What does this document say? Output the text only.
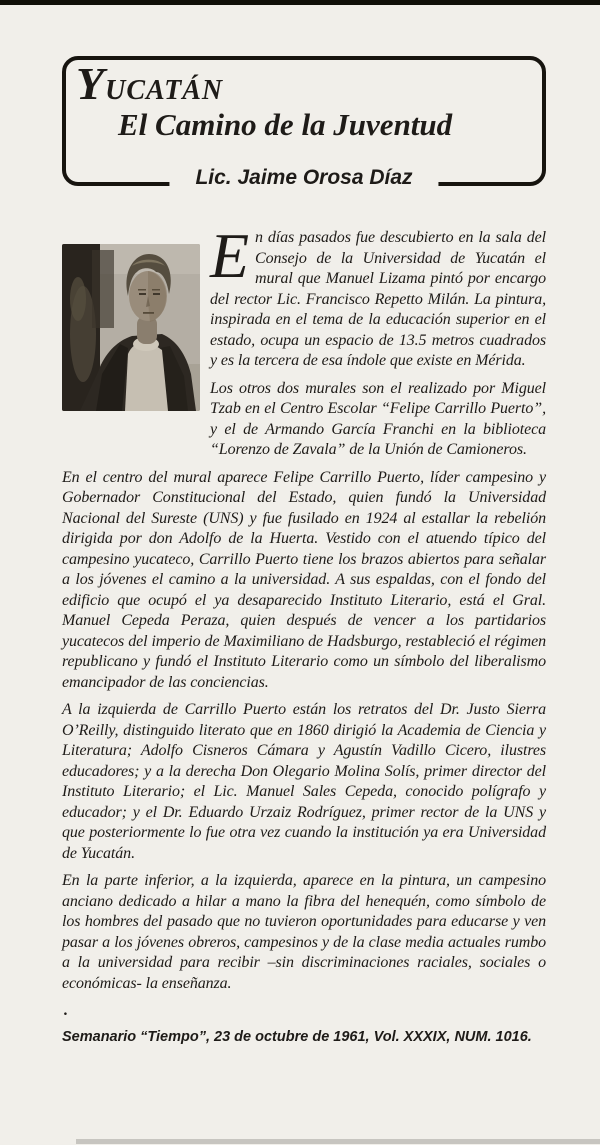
YUCATÁN
El Camino de la Juventud
Lic. Jaime Orosa Díaz

En días pasados fue descubierto en la sala del Consejo de la Universidad de Yucatán el mural que Manuel Lizama pintó por encargo del rector Lic. Francisco Repetto Milán. La pintura, inspirada en el tema de la educación superior en el estado, ocupa un espacio de 13.5 metros cuadrados y es la tercera de esa índole que existe en Mérida.

Los otros dos murales son el realizado por Miguel Tzab en el Centro Escolar “Felipe Carrillo Puerto”, y el de Armando García Franchi en la biblioteca “Lorenzo de Zavala” de la Unión de Camioneros.

En el centro del mural aparece Felipe Carrillo Puerto, líder campesino y Gobernador Constitucional del Estado, quien fundó la Universidad Nacional del Sureste (UNS) y fue fusilado en 1924 al estallar la rebelión dirigida por don Adolfo de la Huerta. Vestido con el atuendo típico del campesino yucateco, Carrillo Puerto tiene los brazos abiertos para señalar a los jóvenes el camino a la universidad. A sus espaldas, con el fondo del edificio que ocupó el ya desaparecido Instituto Literario, está el Gral. Manuel Cepeda Peraza, quien después de vencer a los partidarios yucatecos del imperio de Maximiliano de Hadsburgo, restableció el régimen republicano y fundó el Instituto Literario como un símbolo del liberalismo emancipador de las conciencias.

A la izquierda de Carrillo Puerto están los retratos del Dr. Justo Sierra O’Reilly, distinguido literato que en 1860 dirigió la Academia de Ciencia y Literatura; Adolfo Cisneros Cámara y Agustín Vadillo Cicero, ilustres educadores; y a la derecha Don Olegario Molina Solís, primer director del Instituto Literario; el Lic. Manuel Sales Cepeda, conocido polígrafo y educador; y el Dr. Eduardo Urzaiz Rodríguez, primer rector de la UNS y que posteriormente lo fue otra vez cuando la institución ya era Universidad de Yucatán.

En la parte inferior, a la izquierda, aparece en la pintura, un campesino anciano dedicado a hilar a mano la fibra del henequén, como símbolo de los hombres del pasado que no tuvieron oportunidades para educarse y ven pasar a los jóvenes obreros, campesinos y de la clase media actuales rumbo a la universidad para recibir –sin discriminaciones raciales, sociales o económicas- la enseñanza.

.

Semanario “Tiempo”, 23 de octubre de 1961, Vol. XXXIX, NUM. 1016.
